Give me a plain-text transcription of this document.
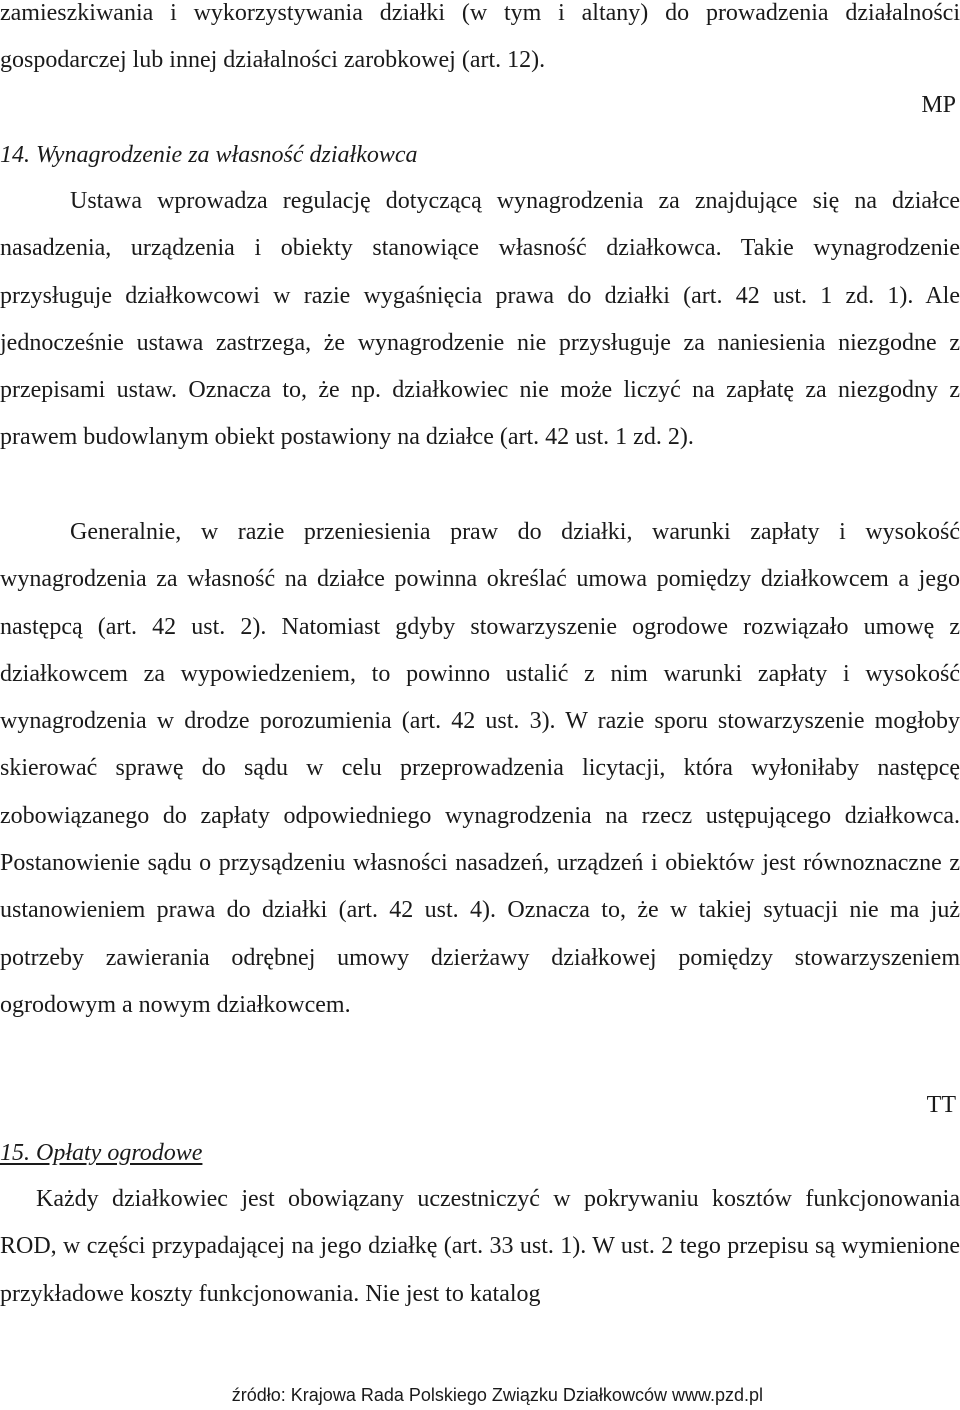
zamieszkiwania i wykorzystywania działki (w tym i altany) do prowadzenia działalności gospodarczej lub innej działalności zarobkowej (art. 12).

MP
14. Wynagrodzenie za własność działkowca

Ustawa wprowadza regulację dotyczącą wynagrodzenia za znajdujące się na działce nasadzenia, urządzenia i obiekty stanowiące własność działkowca. Takie wynagrodzenie przysługuje działkowcowi w razie wygaśnięcia prawa do działki (art. 42 ust. 1 zd. 1). Ale jednocześnie ustawa zastrzega, że wynagrodzenie nie przysługuje za naniesienia niezgodne z przepisami ustaw. Oznacza to, że np. działkowiec nie może liczyć na zapłatę za niezgodny z prawem budowlanym obiekt postawiony na działce (art. 42 ust. 1 zd. 2).

Generalnie, w razie przeniesienia praw do działki, warunki zapłaty i wysokość wynagrodzenia za własność na działce powinna określać umowa pomiędzy działkowcem a jego następcą (art. 42 ust. 2). Natomiast gdyby stowarzyszenie ogrodowe rozwiązało umowę z działkowcem za wypowiedzeniem, to powinno ustalić z nim warunki zapłaty i wysokość wynagrodzenia w drodze porozumienia (art. 42 ust. 3). W razie sporu stowarzyszenie mogłoby skierować sprawę do sądu w celu przeprowadzenia licytacji, która wyłoniłaby następcę zobowiązanego do zapłaty odpowiedniego wynagrodzenia na rzecz ustępującego działkowca. Postanowienie sądu o przysądzeniu własności nasadzeń, urządzeń i obiektów jest równoznaczne z ustanowieniem prawa do działki (art. 42 ust. 4). Oznacza to, że w takiej sytuacji nie ma już potrzeby zawierania odrębnej umowy dzierżawy działkowej pomiędzy stowarzyszeniem ogrodowym a nowym działkowcem.

TT
15. Opłaty ogrodowe

Każdy działkowiec jest obowiązany uczestniczyć w pokrywaniu kosztów funkcjonowania ROD, w części przypadającej na jego działkę (art. 33 ust. 1). W ust. 2 tego przepisu są wymienione przykładowe koszty funkcjonowania. Nie jest to katalog

źródło: Krajowa Rada Polskiego Związku Działkowców www.pzd.pl
